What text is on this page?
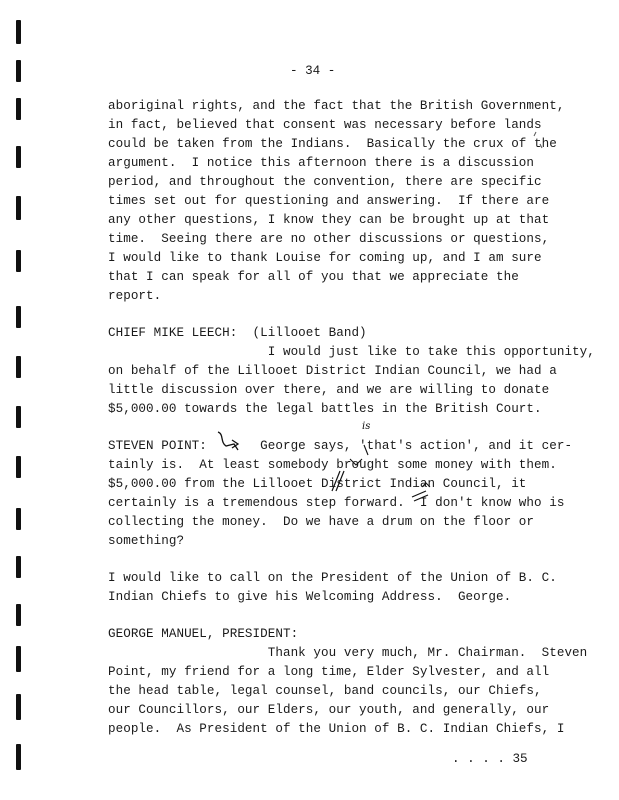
- 34 -
aboriginal rights, and the fact that the British Government,
in fact, believed that consent was necessary before lands
could be taken from the Indians.  Basically the crux of the
argument.  I notice this afternoon there is a discussion
period, and throughout the convention, there are specific
times set out for questioning and answering.  If there are
any other questions, I know they can be brought up at that
time.  Seeing there are no other discussions or questions,
I would like to thank Louise for coming up, and I am sure
that I can speak for all of you that we appreciate the
report.
CHIEF MIKE LEECH:  (Lillooet Band)
I would just like to take this opportunity,
on behalf of the Lillooet District Indian Council, we had a
little discussion over there, and we are willing to donate
$5,000.00 towards the legal battles in the British Court.
STEVEN POINT:       George says, 'that's action', and it cer-
tainly is.  At least somebody brought some money with them.
$5,000.00 from the Lillooet District Indian Council, it
certainly is a tremendous step forward.  I don't know who is
collecting the money.  Do we have a drum on the floor or
something?
I would like to call on the President of the Union of B. C.
Indian Chiefs to give his Welcoming Address.  George.
GEORGE MANUEL, PRESIDENT:
Thank you very much, Mr. Chairman.  Steven
Point, my friend for a long time, Elder Sylvester, and all
the head table, legal counsel, band councils, our Chiefs,
our Councillors, our Elders, our youth, and generally, our
people.  As President of the Union of B. C. Indian Chiefs, I
is
. . . . 35
